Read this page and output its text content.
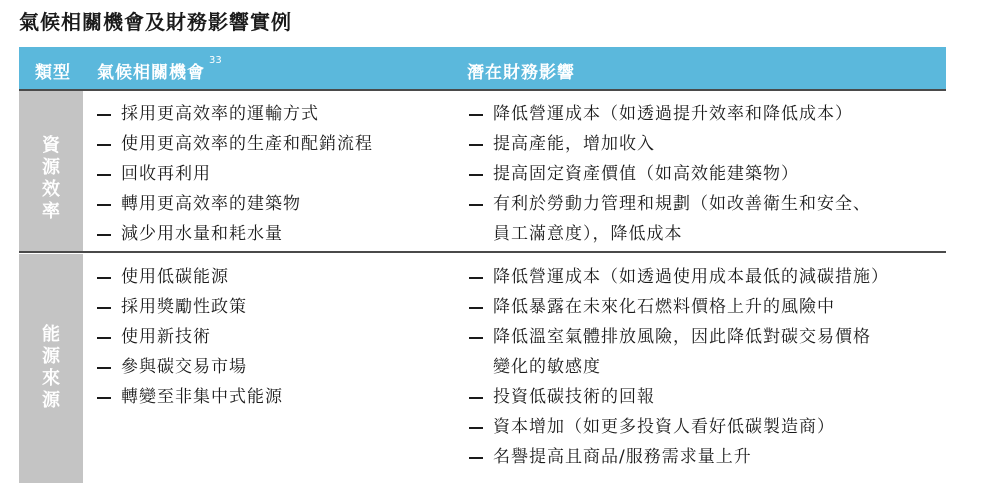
氣候相關機會及財務影響實例
類型 氣候相關機會$^{33}$
潛在財務影響
資
源
效
率
採用更高效率的運輸方式
使用更高效率的生產和配銷流程
回收再利用
轉用更高效率的建築物
減少用水量和耗水量
降低營運成本（如透過提升效率和降低成本）
提高產能，增加收入
提高固定資產價值（如高效能建築物）
有利於勞動力管理和規劃（如改善衛生和安全、
員工滿意度），降低成本
能
源
來
源
使用低碳能源
採用獎勵性政策
使用新技術
參與碳交易市場
轉變至非集中式能源
降低營運成本（如透過使用成本最低的減碳措施）
降低暴露在未來化石燃料價格上升的風險中
降低溫室氣體排放風險，因此降低對碳交易價格
變化的敏感度
投資低碳技術的回報
資本增加（如更多投資人看好低碳製造商）
名譽提高且商品/服務需求量上升
